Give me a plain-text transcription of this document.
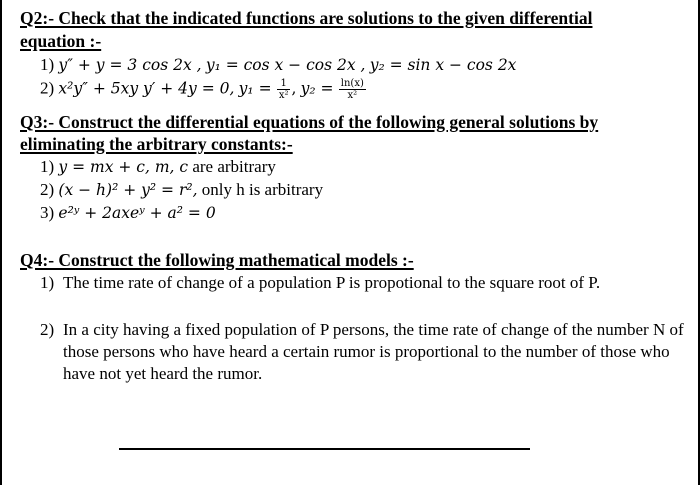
Q2:- Check that the indicated functions are solutions to the given differential
equation :-
1) y″ + y = 3 cos 2x , y₁ = cos x − cos 2x , y₂ = sin x − cos 2x
2) x²y″ + 5xy y′ + 4y = 0, $y_1 = \frac{1}{\text{x²}}$ , $y_2 = \frac{\ln(x)}{\text{x²}}$
Q3:- Construct the differential equations of the following general solutions by
eliminating the arbitrary constants:-
1) y = mx + c, m, c are arbitrary
2) (x − h)² + y² = r², only h is arbitrary
3) e²ʸ + 2axeʸ + a² = 0
Q4:- Construct the following mathematical models :-
1) The time rate of change of a population P is propotional to the square root of P.
2) In a city having a fixed population of P persons, the time rate of change of the number N of those persons who have heard a certain rumor is proportional to the number of those who have not yet heard the rumor.
